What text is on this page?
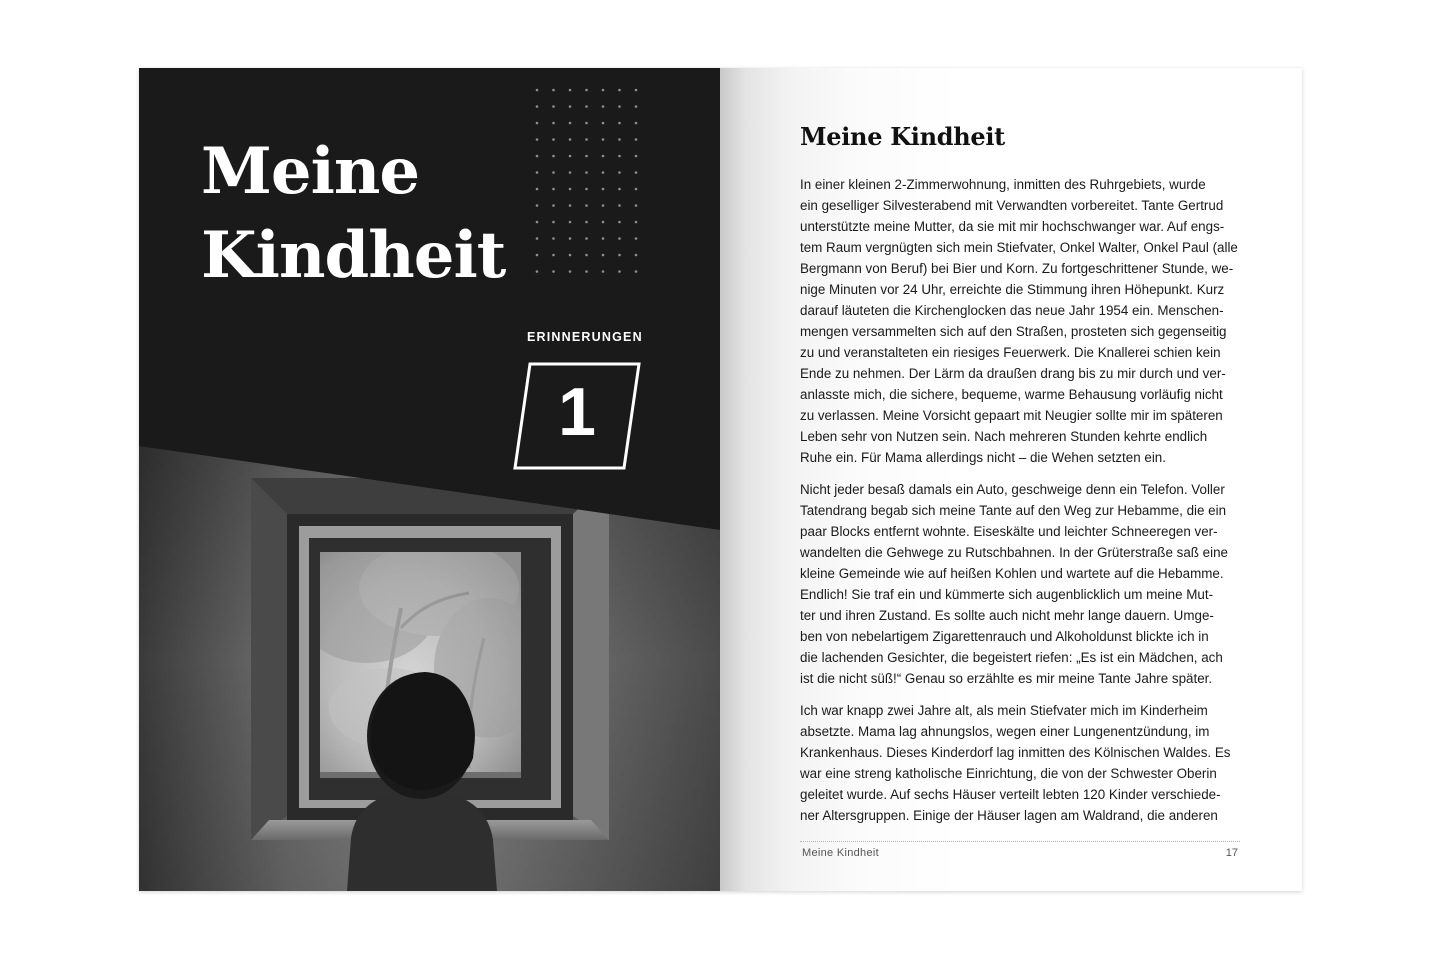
Meine
Kindheit
ERINNERUNGEN
1
Meine Kindheit

In einer kleinen 2-Zimmerwohnung, inmitten des Ruhrgebiets, wurde
ein geselliger Silvesterabend mit Verwandten vorbereitet. Tante Gertrud
unterstützte meine Mutter, da sie mit mir hochschwanger war. Auf engs-
tem Raum vergnügten sich mein Stiefvater, Onkel Walter, Onkel Paul (alle
Bergmann von Beruf) bei Bier und Korn. Zu fortgeschrittener Stunde, we-
nige Minuten vor 24 Uhr, erreichte die Stimmung ihren Höhepunkt. Kurz
darauf läuteten die Kirchenglocken das neue Jahr 1954 ein. Menschen-
mengen versammelten sich auf den Straßen, prosteten sich gegenseitig
zu und veranstalteten ein riesiges Feuerwerk. Die Knallerei schien kein
Ende zu nehmen. Der Lärm da draußen drang bis zu mir durch und ver-
anlasste mich, die sichere, bequeme, warme Behausung vorläufig nicht
zu verlassen. Meine Vorsicht gepaart mit Neugier sollte mir im späteren
Leben sehr von Nutzen sein. Nach mehreren Stunden kehrte endlich
Ruhe ein. Für Mama allerdings nicht – die Wehen setzten ein.

Nicht jeder besaß damals ein Auto, geschweige denn ein Telefon. Voller
Tatendrang begab sich meine Tante auf den Weg zur Hebamme, die ein
paar Blocks entfernt wohnte. Eiseskälte und leichter Schneeregen ver-
wandelten die Gehwege zu Rutschbahnen. In der Grüterstraße saß eine
kleine Gemeinde wie auf heißen Kohlen und wartete auf die Hebamme.
Endlich! Sie traf ein und kümmerte sich augenblicklich um meine Mut-
ter und ihren Zustand. Es sollte auch nicht mehr lange dauern. Umge-
ben von nebelartigem Zigarettenrauch und Alkoholdunst blickte ich in
die lachenden Gesichter, die begeistert riefen: „Es ist ein Mädchen, ach
ist die nicht süß!“ Genau so erzählte es mir meine Tante Jahre später.

Ich war knapp zwei Jahre alt, als mein Stiefvater mich im Kinderheim
absetzte. Mama lag ahnungslos, wegen einer Lungenentzündung, im
Krankenhaus. Dieses Kinderdorf lag inmitten des Kölnischen Waldes. Es
war eine streng katholische Einrichtung, die von der Schwester Oberin
geleitet wurde. Auf sechs Häuser verteilt lebten 120 Kinder verschiede-
ner Altersgruppen. Einige der Häuser lagen am Waldrand, die anderen

Meine Kindheit	17
